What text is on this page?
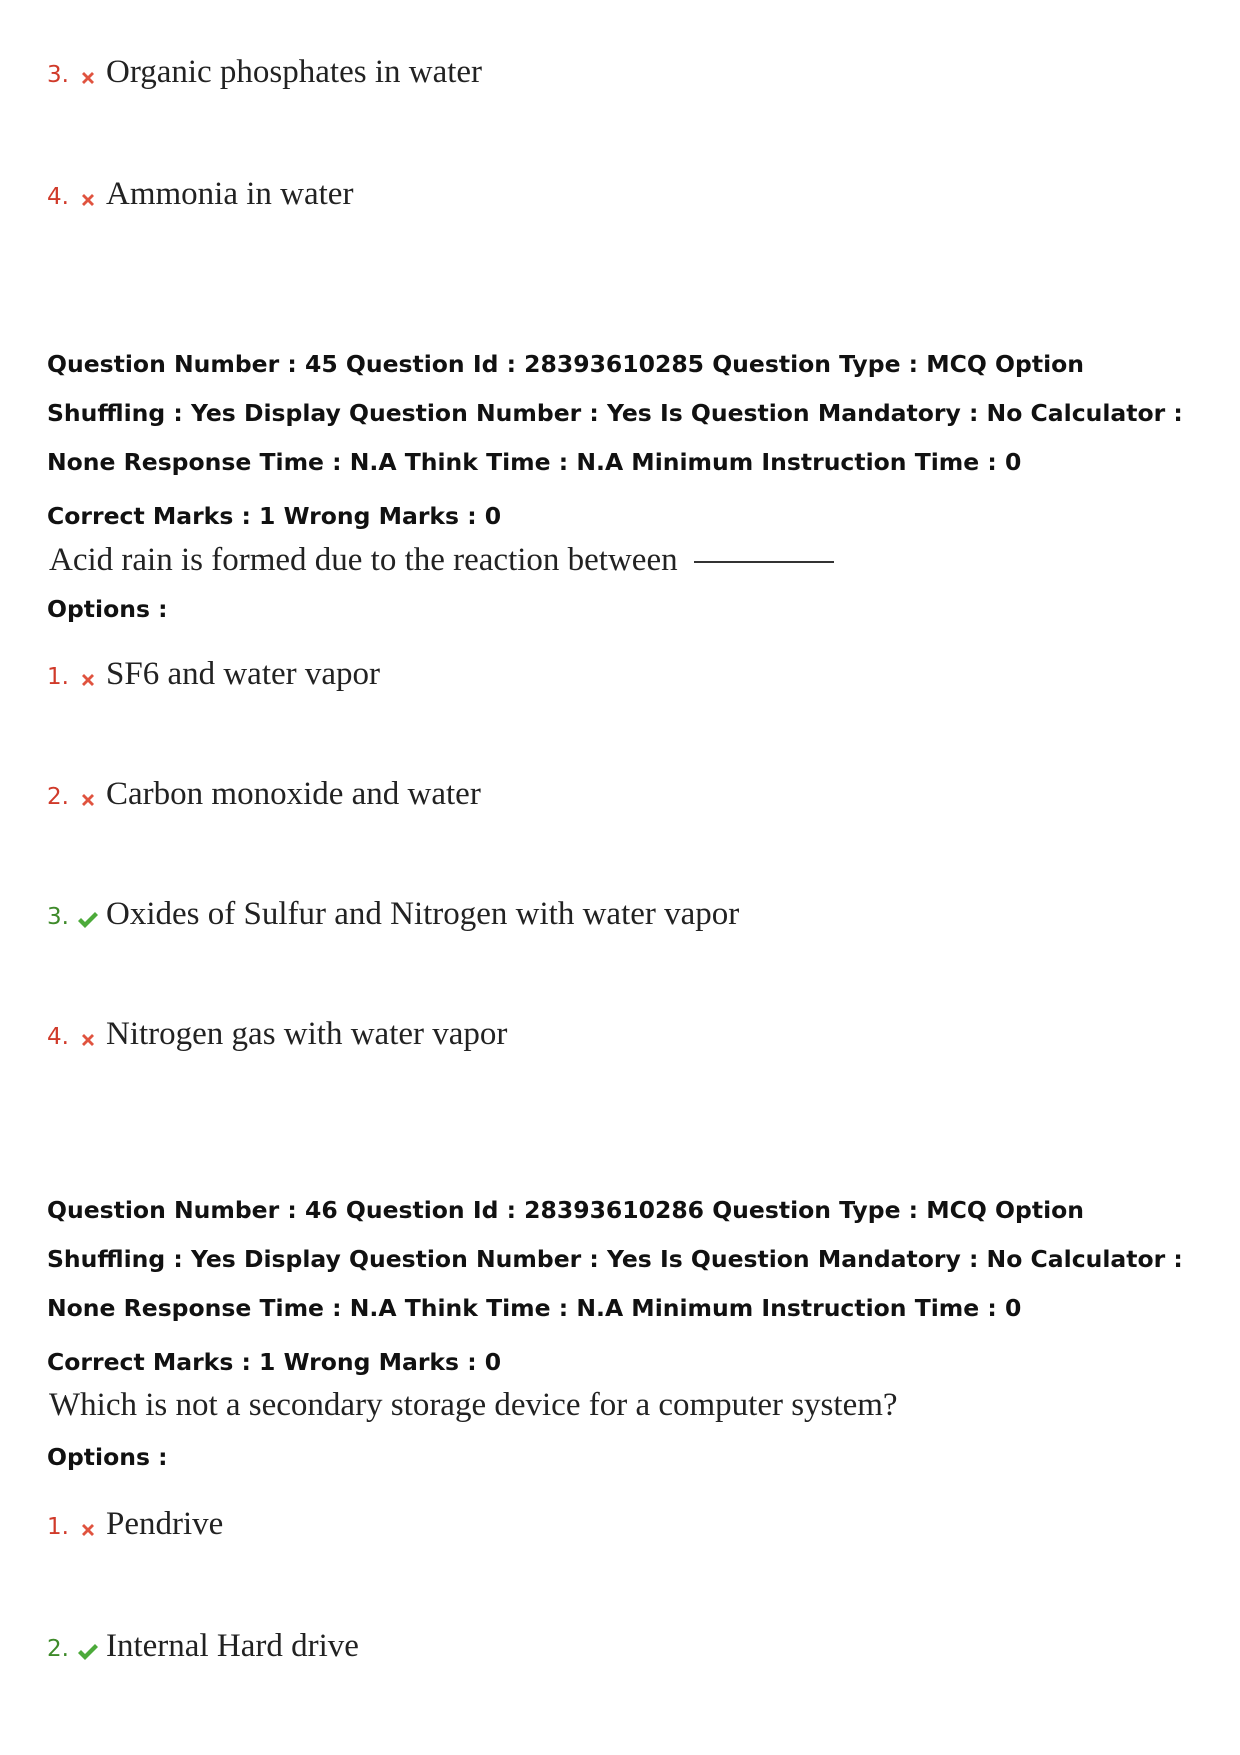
3. Organic phosphates in water
4. Ammonia in water
Question Number : 45 Question Id : 28393610285 Question Type : MCQ Option Shuffling : Yes Display Question Number : Yes Is Question Mandatory : No Calculator : None Response Time : N.A Think Time : N.A Minimum Instruction Time : 0
Correct Marks : 1 Wrong Marks : 0
Acid rain is formed due to the reaction between
Options :
1. SF6 and water vapor
2. Carbon monoxide and water
3. Oxides of Sulfur and Nitrogen with water vapor
4. Nitrogen gas with water vapor
Question Number : 46 Question Id : 28393610286 Question Type : MCQ Option Shuffling : Yes Display Question Number : Yes Is Question Mandatory : No Calculator : None Response Time : N.A Think Time : N.A Minimum Instruction Time : 0
Correct Marks : 1 Wrong Marks : 0
Which is not a secondary storage device for a computer system?
Options :
1. Pendrive
2. Internal Hard drive
